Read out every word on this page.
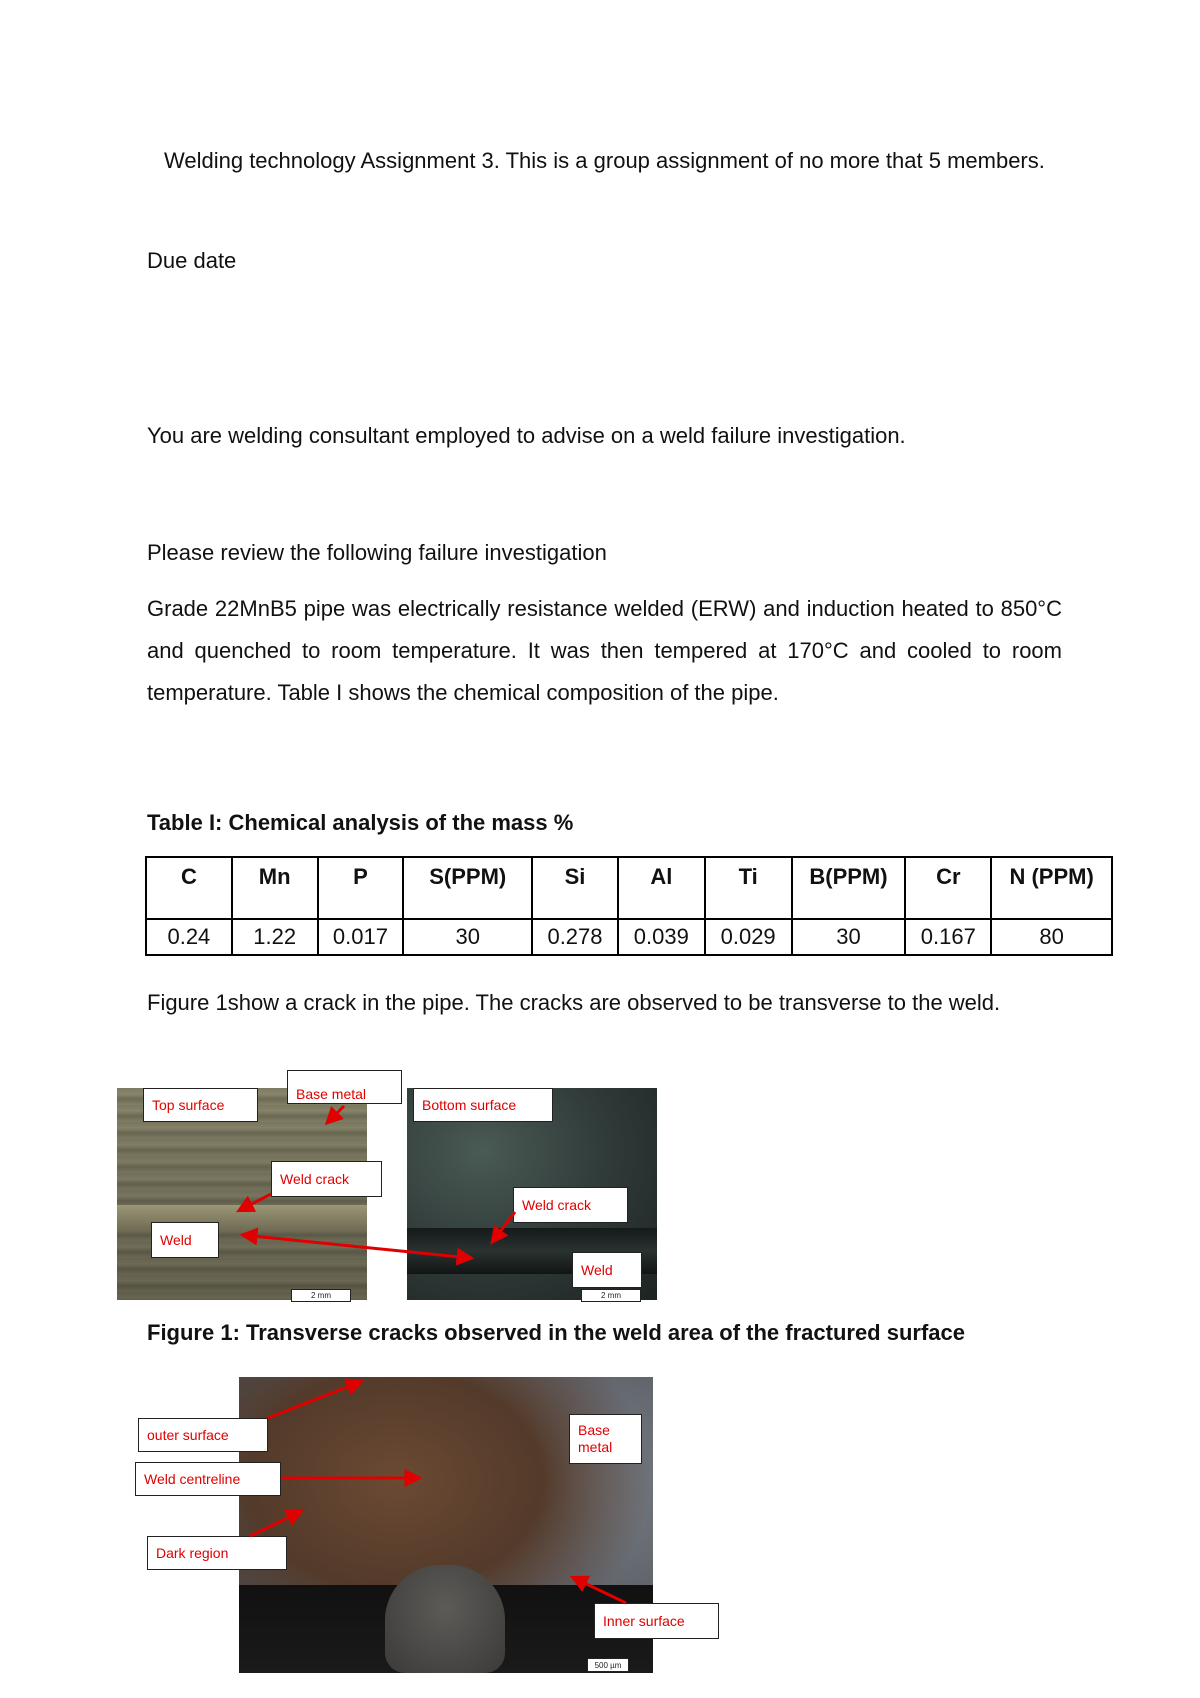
Welding technology Assignment 3. This is a group assignment of no more that 5 members.
Due date
You are welding consultant employed to advise on a weld failure investigation.
Please review the following failure investigation
Grade 22MnB5 pipe was electrically resistance welded (ERW) and induction heated to 850°C and quenched to room temperature. It was then tempered at 170°C and cooled to room temperature. Table I shows the chemical composition of the pipe.
Table I: Chemical analysis of the mass %
C	Mn	P	S(PPM)	Si	Al	Ti	B(PPM)	Cr	N (PPM)
0.24	1.22	0.017	30	0.278	0.039	0.029	30	0.167	80
Figure 1show a crack in the pipe. The cracks are observed to be transverse to the weld.
Top surface
Base metal
Bottom surface
Weld crack
Weld crack
Weld
Weld
2 mm	2 mm
Figure 1: Transverse cracks observed in the weld area of the fractured surface
outer surface
Weld centreline
Dark region
Base metal
Inner surface
500 µm
